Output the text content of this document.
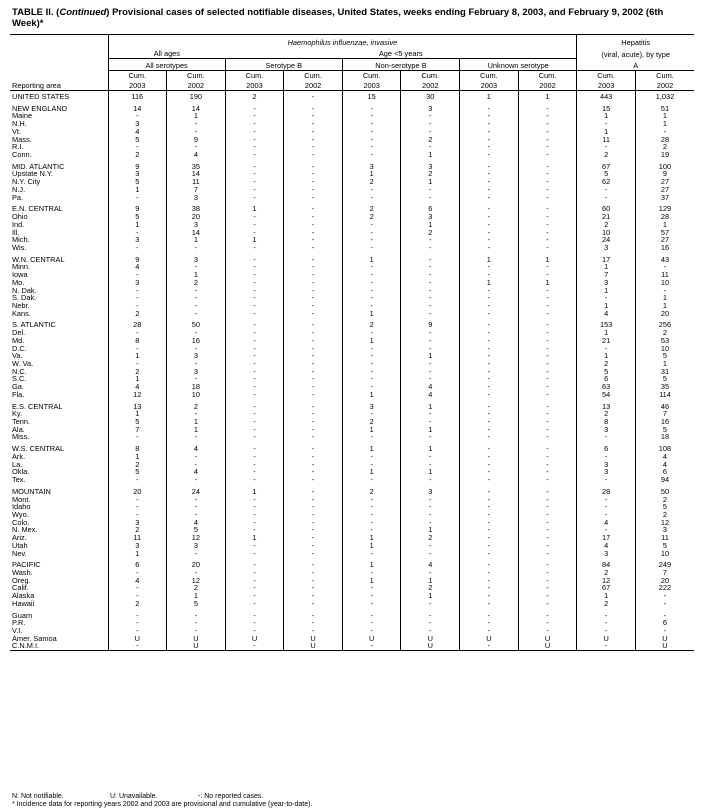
TABLE II. (Continued) Provisional cases of selected notifiable diseases, United States, weeks ending February 8, 2003, and February 9, 2002 (6th Week)*
	Haemophilus influenzae, invasive								Hepatitis	
	All ages		Age <5 years						(viral, acute), by type	
	All serotypes		Serotype B		Non-serotype B		Unknown serotype		A	
	Cum.	Cum.	Cum.	Cum.	Cum.	Cum.	Cum.	Cum.	Cum.	Cum.
Reporting area	2003	2002	2003	2002	2003	2002	2003	2002	2003	2002
UNITED STATES	116	190	2	-	15	30	1	1	443	1,032

NEW ENGLAND	14	14	-	-	-	3	-	-	15	51
Maine	-	1	-	-	-	-	-	-	1	1
N.H.	3	-	-	-	-	-	-	-	-	1
Vt.	4	-	-	-	-	-	-	-	1	-
Mass.	5	9	-	-	-	2	-	-	11	28
R.I.	-	-	-	-	-	-	-	-	-	2
Conn.	2	4	-	-	-	1	-	-	2	19

MID. ATLANTIC	9	35	-	-	3	3	-	-	67	100
Upstate N.Y.	3	14	-	-	1	2	-	-	5	9
N.Y. City	5	11	-	-	2	1	-	-	62	27
N.J.	1	7	-	-	-	-	-	-	-	27
Pa.	-	3	-	-	-	-	-	-	-	37

E.N. CENTRAL	9	38	1	-	2	6	-	-	60	129
Ohio	5	20	-	-	2	3	-	-	21	28
Ind.	1	3	-	-	-	1	-	-	2	1
Ill.	-	14	-	-	-	2	-	-	10	57
Mich.	3	1	1	-	-	-	-	-	24	27
Wis.	-	-	-	-	-	-	-	-	3	16

W.N. CENTRAL	9	3	-	-	1	-	1	1	17	43
Minn.	4	-	-	-	-	-	-	-	1	-
Iowa	-	1	-	-	-	-	-	-	7	11
Mo.	3	2	-	-	-	-	1	1	3	10
N. Dak.	-	-	-	-	-	-	-	-	1	-
S. Dak.	-	-	-	-	-	-	-	-	-	1
Nebr.	-	-	-	-	-	-	-	-	1	1
Kans.	2	-	-	-	1	-	-	-	4	20

S. ATLANTIC	28	50	-	-	2	9	-	-	153	256
Del.	-	-	-	-	-	-	-	-	1	2
Md.	8	16	-	-	1	-	-	-	21	53
D.C.	-	-	-	-	-	-	-	-	-	10
Va.	1	3	-	-	-	1	-	-	1	5
W. Va.	-	-	-	-	-	-	-	-	2	1
N.C.	2	3	-	-	-	-	-	-	5	31
S.C.	1	-	-	-	-	-	-	-	6	5
Ga.	4	18	-	-	-	4	-	-	63	35
Fla.	12	10	-	-	1	4	-	-	54	114

E.S. CENTRAL	13	2	-	-	3	1	-	-	13	46
Ky.	1	-	-	-	-	-	-	-	2	7
Tenn.	5	1	-	-	2	-	-	-	8	16
Ala.	7	1	-	-	1	1	-	-	3	5
Miss.	-	-	-	-	-	-	-	-	-	18

W.S. CENTRAL	8	4	-	-	1	1	-	-	6	108
Ark.	1	-	-	-	-	-	-	-	-	4
La.	2	-	-	-	-	-	-	-	3	4
Okla.	5	4	-	-	1	1	-	-	3	6
Tex.	-	-	-	-	-	-	-	-	-	94

MOUNTAIN	20	24	1	-	2	3	-	-	28	50
Mont.	-	-	-	-	-	-	-	-	-	2
Idaho	-	-	-	-	-	-	-	-	-	5
Wyo.	-	-	-	-	-	-	-	-	-	2
Colo.	3	4	-	-	-	-	-	-	4	12
N. Mex.	2	5	-	-	-	1	-	-	-	3
Ariz.	11	12	1	-	1	2	-	-	17	11
Utah	3	3	-	-	1	-	-	-	4	5
Nev.	1	-	-	-	-	-	-	-	3	10

PACIFIC	6	20	-	-	1	4	-	-	84	249
Wash.	-	-	-	-	-	-	-	-	2	7
Oreg.	4	12	-	-	1	1	-	-	12	20
Calif.	-	2	-	-	-	2	-	-	67	222
Alaska	-	1	-	-	-	1	-	-	1	-
Hawaii	2	5	-	-	-	-	-	-	2	-

Guam	-	-	-	-	-	-	-	-	-	-
P.R.	-	-	-	-	-	-	-	-	-	6
V.I.	-	-	-	-	-	-	-	-	-	-
Amer. Samoa	U	U	U	U	U	U	U	U	U	U
C.N.M.I.	-	U	-	U	-	U	-	U	-	U
N: Not notifiable.	U: Unavailable.	-: No reported cases.
* Incidence data for reporting years 2002 and 2003 are provisional and cumulative (year-to-date).
